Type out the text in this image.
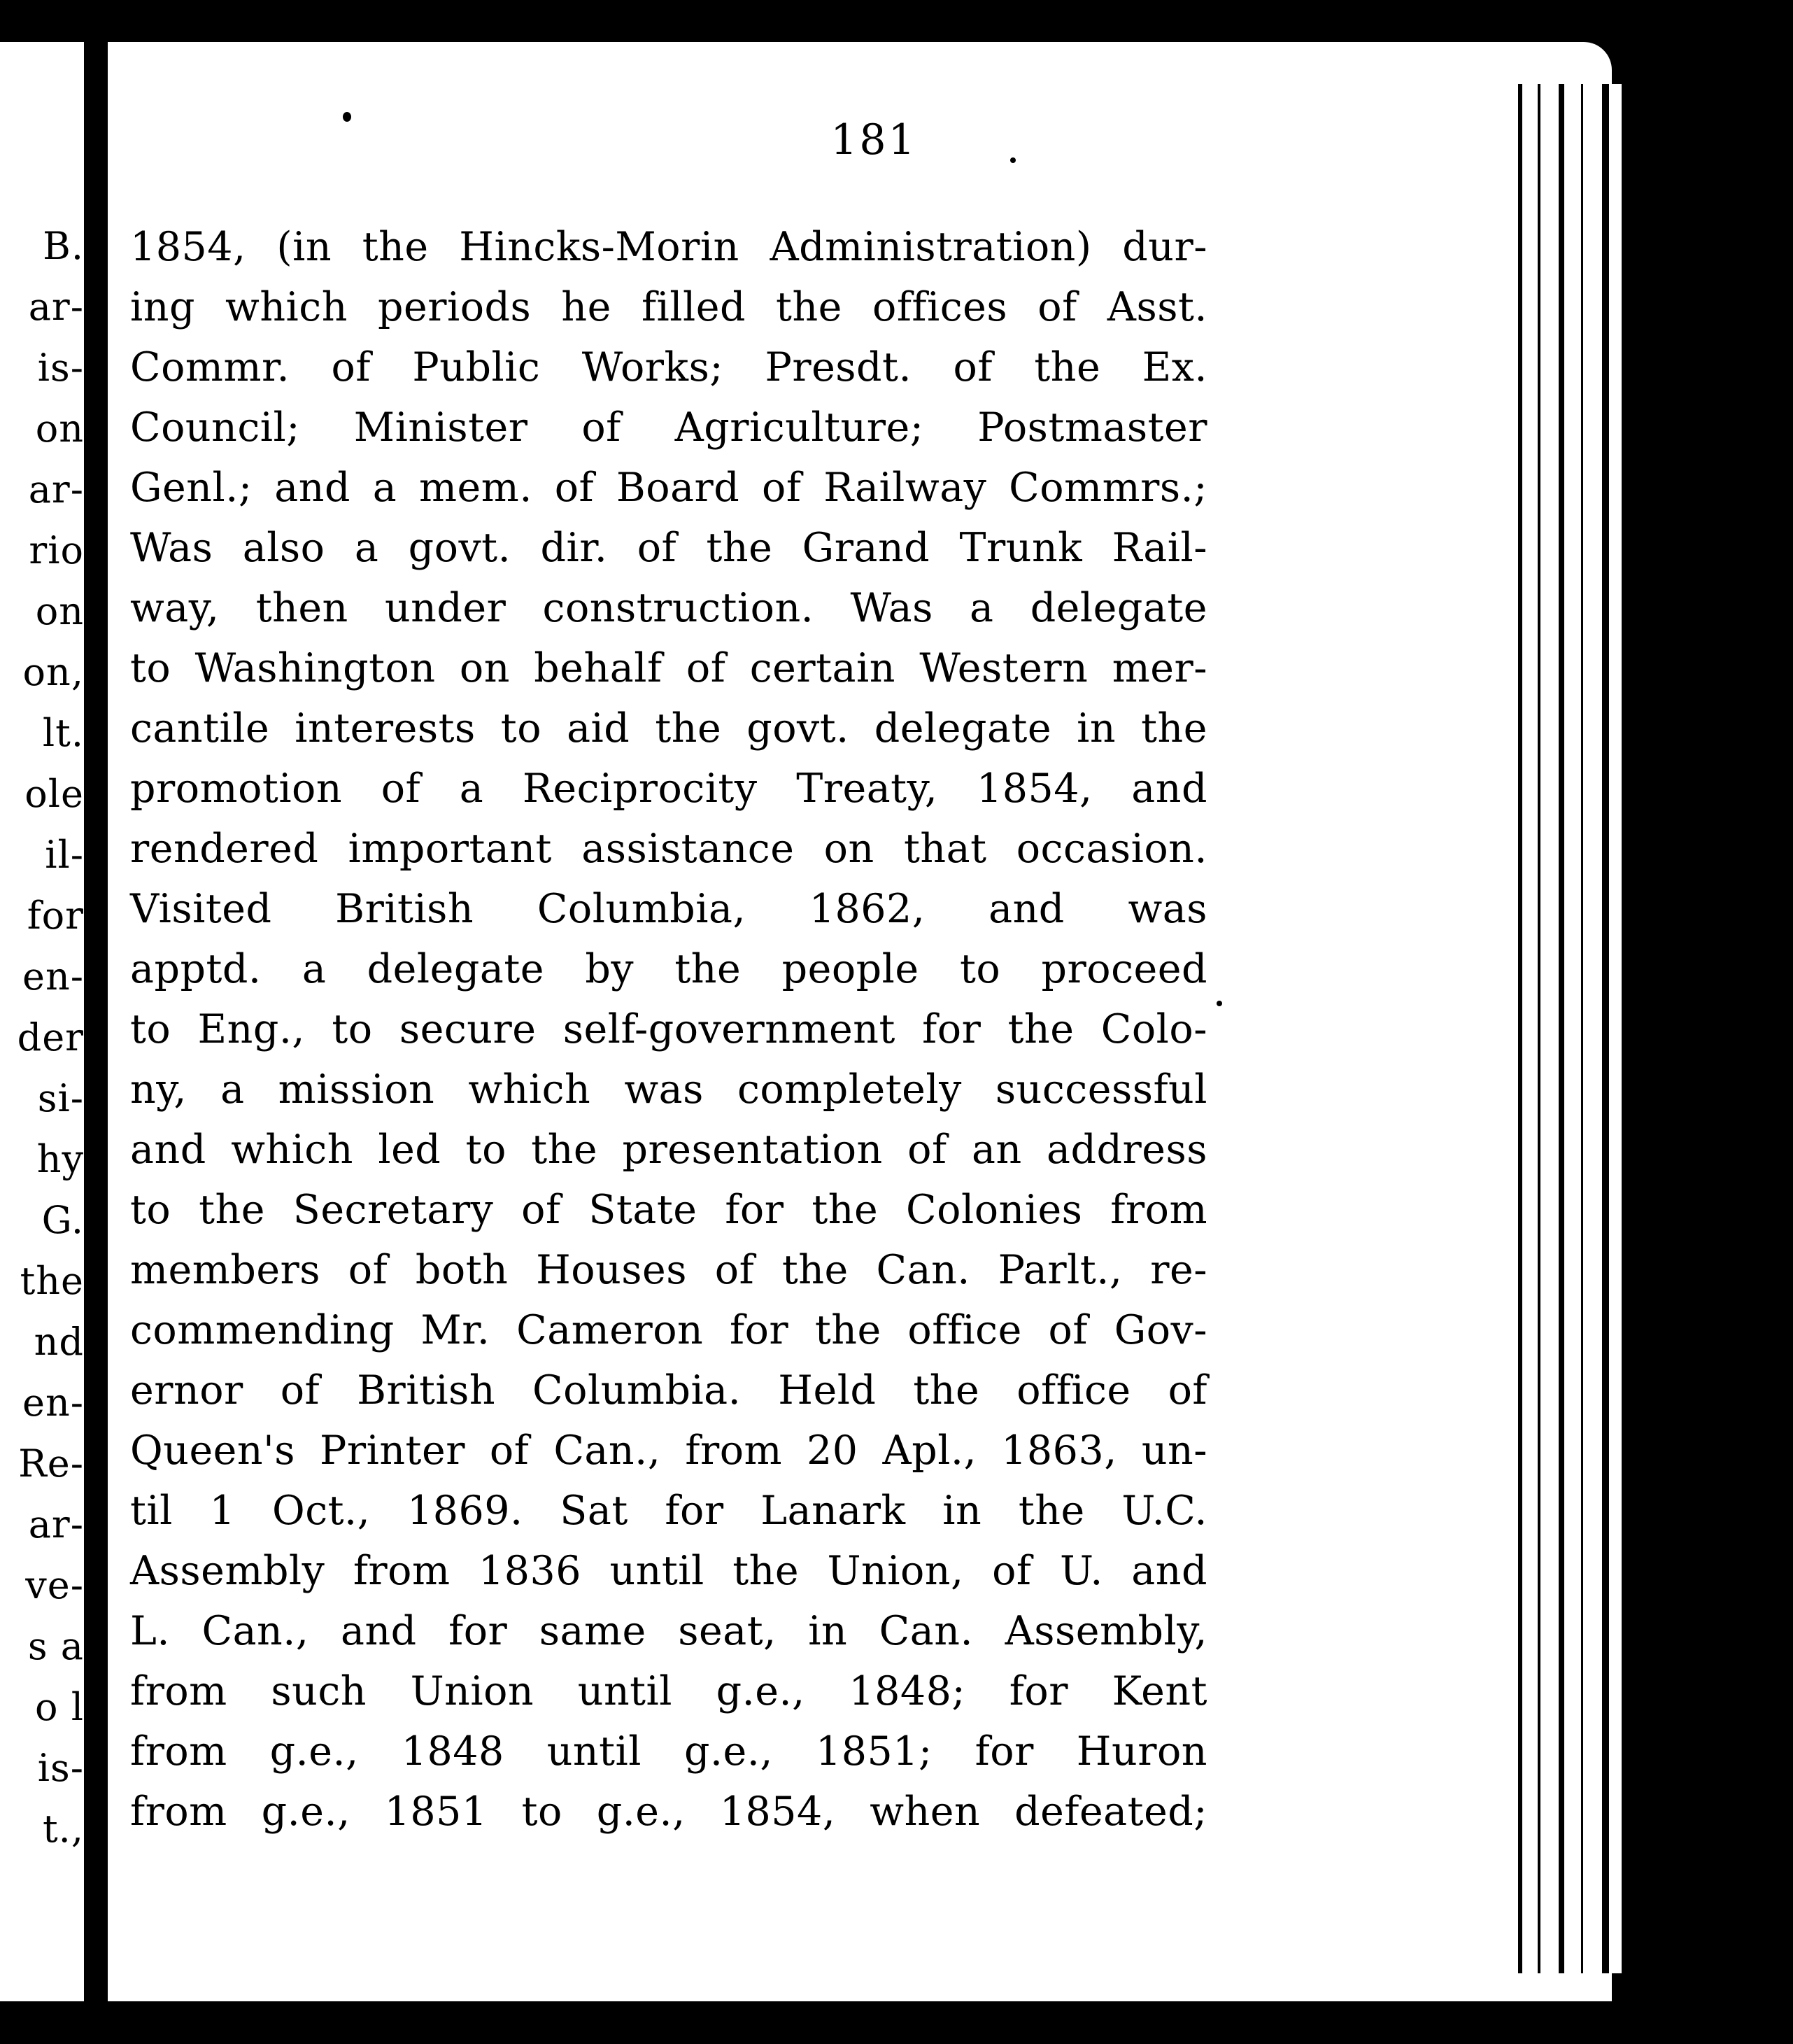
B.
ar-
is-
on
ar-
rio
on
on,
lt.
ole
il-
for
en-
der
si-
hy
G.
the
nd
en-
Re-
ar-
ve-
s a
o l
is-
t.,
181
1854, (in the Hincks-Morin Administration) dur-
ing which periods he filled the offices of Asst.
Commr. of Public Works; Presdt. of the Ex.
Council; Minister of Agriculture; Postmaster
Genl.; and a mem. of Board of Railway Commrs.;
Was also a govt. dir. of the Grand Trunk Rail-
way, then under construction. Was a delegate
to Washington on behalf of certain Western mer-
cantile interests to aid the govt. delegate in the
promotion of a Reciprocity Treaty, 1854, and
rendered important assistance on that occasion.
Visited British Columbia, 1862, and was
apptd. a delegate by the people to proceed
to Eng., to secure self-government for the Colo-
ny, a mission which was completely successful
and which led to the presentation of an address
to the Secretary of State for the Colonies from
members of both Houses of the Can. Parlt., re-
commending Mr. Cameron for the office of Gov-
ernor of British Columbia. Held the office of
Queen's Printer of Can., from 20 Apl., 1863, un-
til 1 Oct., 1869. Sat for Lanark in the U.C.
Assembly from 1836 until the Union, of U. and
L. Can., and for same seat, in Can. Assembly,
from such Union until g.e., 1848; for Kent
from g.e., 1848 until g.e., 1851; for Huron
from g.e., 1851 to g.e., 1854, when defeated;
